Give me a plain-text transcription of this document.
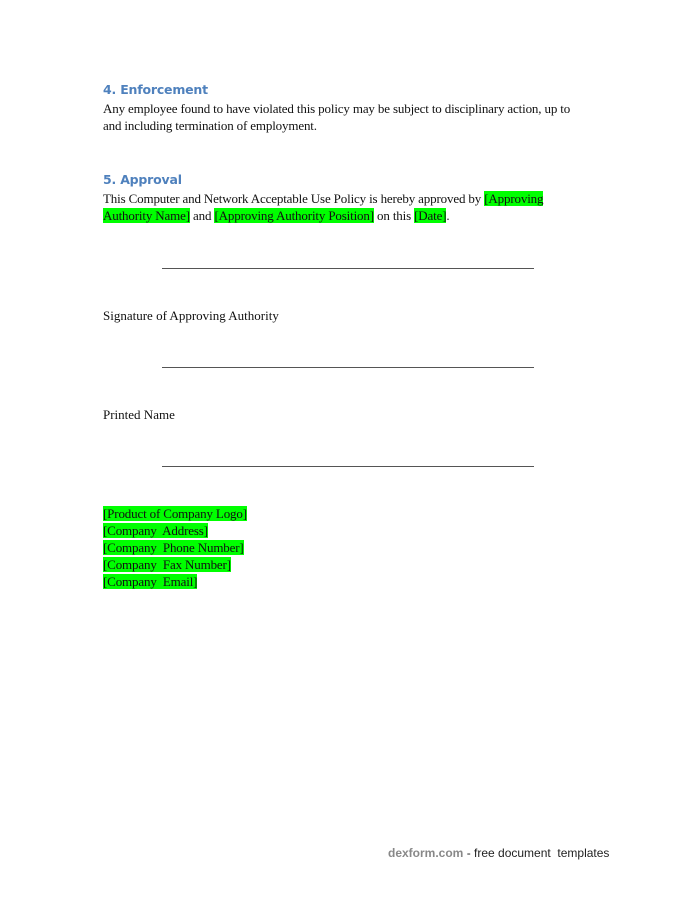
4. Enforcement
Any employee found to have violated this policy may be subject to disciplinary action, up to
and including termination of employment.
5. Approval
This Computer and Network Acceptable Use Policy is hereby approved by [Approving
Authority Name] and [Approving Authority Position] on this [Date].
Signature of Approving Authority
Printed Name
[Product of Company Logo]
[Company  Address]
[Company  Phone Number]
[Company  Fax Number]
[Company  Email]
dexform.com - free document  templates
